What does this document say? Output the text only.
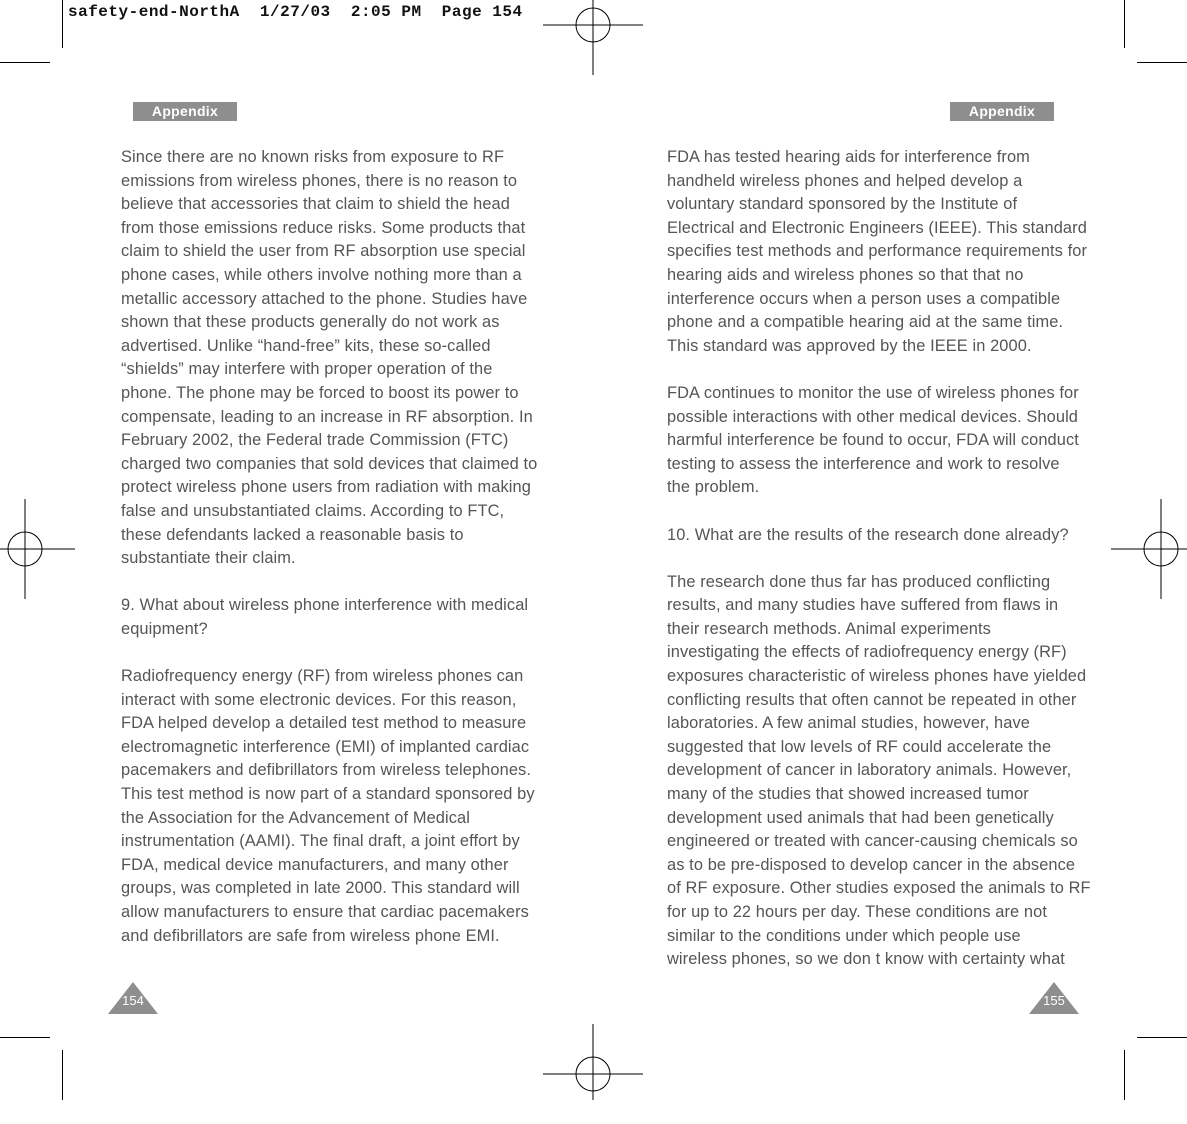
safety-end-NorthA  1/27/03  2:05 PM  Page 154
Appendix	Appendix

Since there are no known risks from exposure to RF
emissions from wireless phones, there is no reason to
believe that accessories that claim to shield the head
from those emissions reduce risks. Some products that
claim to shield the user from RF absorption use special
phone cases, while others involve nothing more than a
metallic accessory attached to the phone. Studies have
shown that these products generally do not work as
advertised. Unlike “hand-free” kits, these so-called
“shields” may interfere with proper operation of the
phone. The phone may be forced to boost its power to
compensate, leading to an increase in RF absorption. In
February 2002, the Federal trade Commission (FTC)
charged two companies that sold devices that claimed to
protect wireless phone users from radiation with making
false and unsubstantiated claims. According to FTC,
these defendants lacked a reasonable basis to
substantiate their claim.

9. What about wireless phone interference with medical
equipment?

Radiofrequency energy (RF) from wireless phones can
interact with some electronic devices. For this reason,
FDA helped develop a detailed test method to measure
electromagnetic interference (EMI) of implanted cardiac
pacemakers and defibrillators from wireless telephones.
This test method is now part of a standard sponsored by
the Association for the Advancement of Medical
instrumentation (AAMI). The final draft, a joint effort by
FDA, medical device manufacturers, and many other
groups, was completed in late 2000. This standard will
allow manufacturers to ensure that cardiac pacemakers
and defibrillators are safe from wireless phone EMI.

FDA has tested hearing aids for interference from
handheld wireless phones and helped develop a
voluntary standard sponsored by the Institute of
Electrical and Electronic Engineers (IEEE). This standard
specifies test methods and performance requirements for
hearing aids and wireless phones so that that no
interference occurs when a person uses a compatible
phone and a compatible hearing aid at the same time.
This standard was approved by the IEEE in 2000.

FDA continues to monitor the use of wireless phones for
possible interactions with other medical devices. Should
harmful interference be found to occur, FDA will conduct
testing to assess the interference and work to resolve
the problem.

10. What are the results of the research done already?

The research done thus far has produced conflicting
results, and many studies have suffered from flaws in
their research methods. Animal experiments
investigating the effects of radiofrequency energy (RF)
exposures characteristic of wireless phones have yielded
conflicting results that often cannot be repeated in other
laboratories. A few animal studies, however, have
suggested that low levels of RF could accelerate the
development of cancer in laboratory animals. However,
many of the studies that showed increased tumor
development used animals that had been genetically
engineered or treated with cancer-causing chemicals so
as to be pre-disposed to develop cancer in the absence
of RF exposure. Other studies exposed the animals to RF
for up to 22 hours per day. These conditions are not
similar to the conditions under which people use
wireless phones, so we don t know with certainty what

154	155
